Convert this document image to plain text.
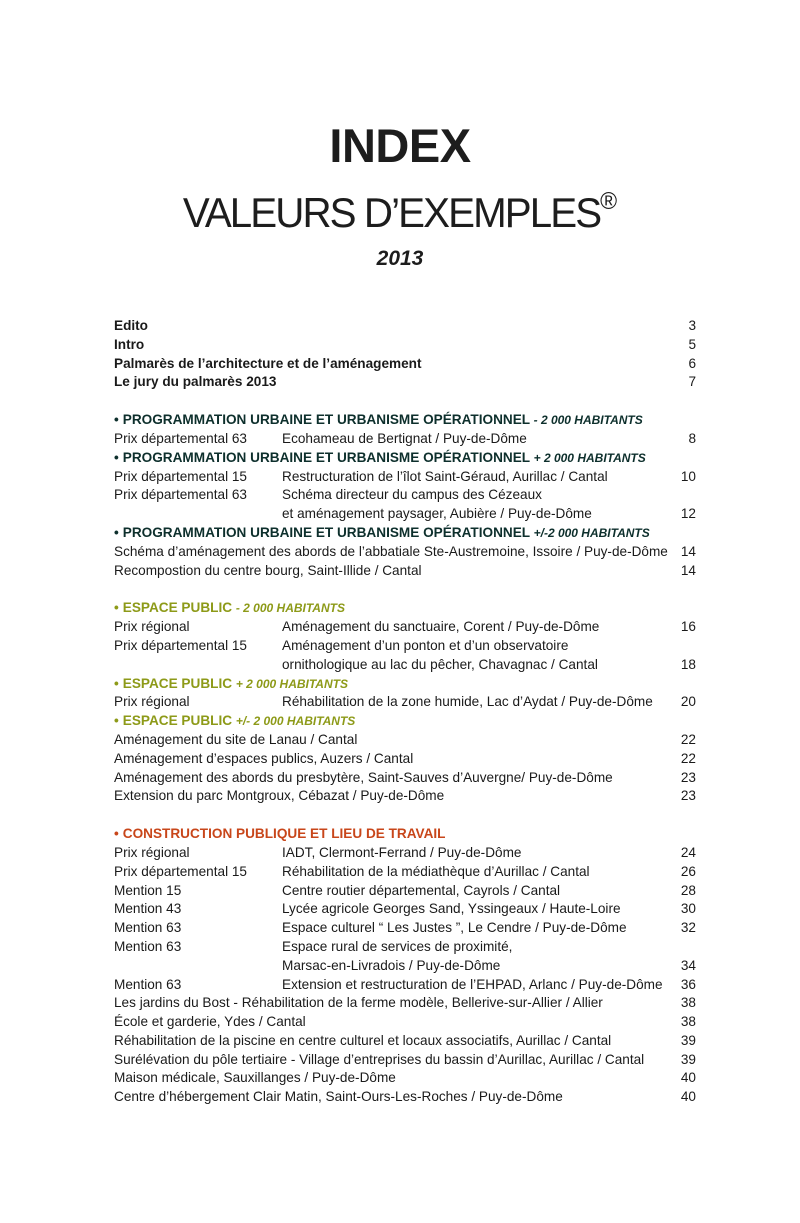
INDEX
VALEURS D’EXEMPLES®
2013
Edito	3
Intro	5
Palmarès de l’architecture et de l’aménagement	6
Le jury du palmarès 2013	7
• PROGRAMMATION URBAINE ET URBANISME OPÉRATIONNEL - 2 000 HABITANTS
Prix départemental 63	Ecohameau de Bertignat / Puy-de-Dôme	8
• PROGRAMMATION URBAINE ET URBANISME OPÉRATIONNEL + 2 000 HABITANTS
Prix départemental 15	Restructuration de l’îlot Saint-Géraud, Aurillac / Cantal	10
Prix départemental 63	Schéma directeur du campus des Cézeaux
et aménagement paysager, Aubière / Puy-de-Dôme	12
• PROGRAMMATION URBAINE ET URBANISME OPÉRATIONNEL +/-2 000 HABITANTS
Schéma d’aménagement des abords de l’abbatiale Ste-Austremoine, Issoire / Puy-de-Dôme 14
Recompostion du centre bourg, Saint-Illide / Cantal	14
• ESPACE PUBLIC - 2 000 HABITANTS
Prix régional	Aménagement du sanctuaire, Corent / Puy-de-Dôme	16
Prix départemental 15	Aménagement d’un ponton et d’un observatoire
ornithologique au lac du pêcher, Chavagnac / Cantal	18
• ESPACE PUBLIC + 2 000 HABITANTS
Prix régional	Réhabilitation de la zone humide, Lac d’Aydat / Puy-de-Dôme 20
• ESPACE PUBLIC +/- 2 000 HABITANTS
Aménagement du site de Lanau / Cantal	22
Aménagement d’espaces publics, Auzers / Cantal	22
Aménagement des abords du presbytère, Saint-Sauves d’Auvergne/ Puy-de-Dôme	23
Extension du parc Montgroux, Cébazat / Puy-de-Dôme	23
• CONSTRUCTION PUBLIQUE ET LIEU DE TRAVAIL
Prix régional	IADT, Clermont-Ferrand / Puy-de-Dôme	24
Prix départemental 15	Réhabilitation de la médiathèque d’Aurillac / Cantal	26
Mention 15	Centre routier départemental, Cayrols / Cantal	28
Mention 43	Lycée agricole Georges Sand, Yssingeaux / Haute-Loire	30
Mention 63	Espace culturel “ Les Justes ”, Le Cendre / Puy-de-Dôme	32
Mention 63	Espace rural de services de proximité,
Marsac-en-Livradois / Puy-de-Dôme	34
Mention 63	Extension et restructuration de l’EHPAD, Arlanc / Puy-de-Dôme 36
Les jardins du Bost - Réhabilitation de la ferme modèle, Bellerive-sur-Allier / Allier	38
École et garderie, Ydes / Cantal	38
Réhabilitation de la piscine en centre culturel et locaux associatifs, Aurillac / Cantal	39
Surélévation du pôle tertiaire - Village d’entreprises du bassin d’Aurillac, Aurillac / Cantal	39
Maison médicale, Sauxillanges / Puy-de-Dôme	40
Centre d’hébergement Clair Matin, Saint-Ours-Les-Roches / Puy-de-Dôme	40
